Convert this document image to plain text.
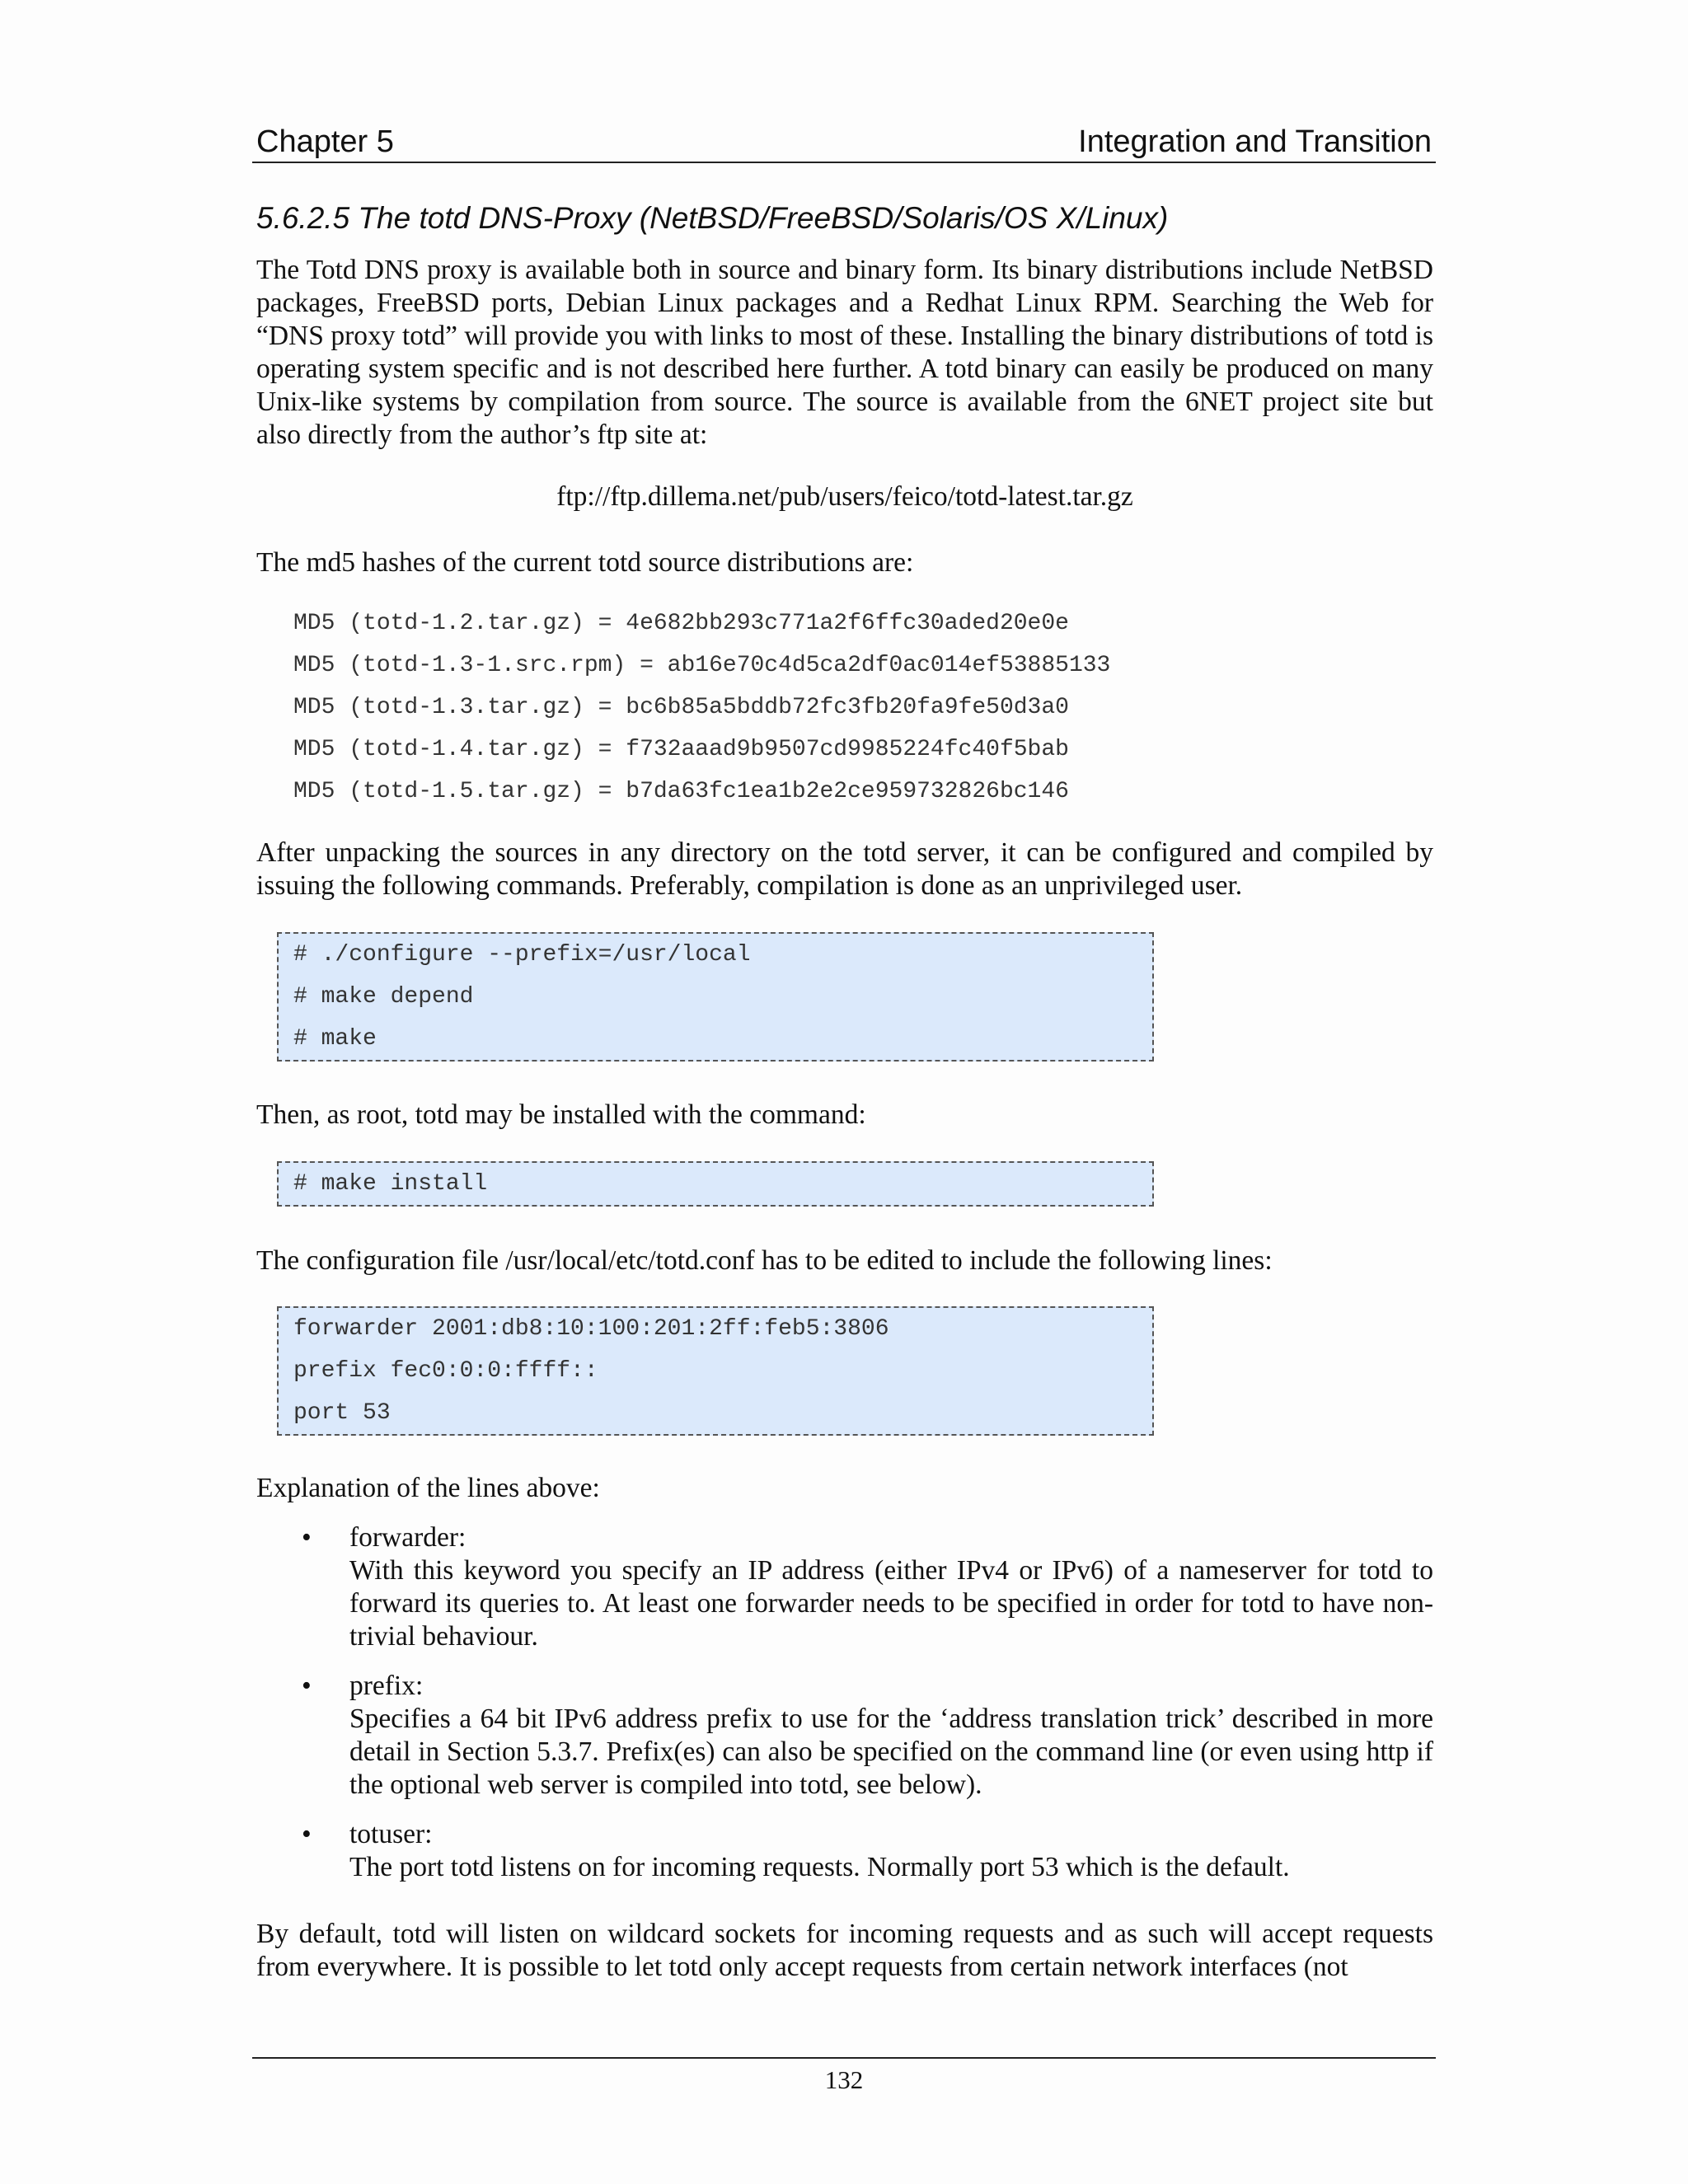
Chapter 5	Integration and Transition
5.6.2.5 The totd DNS-Proxy (NetBSD/FreeBSD/Solaris/OS X/Linux)

The Totd DNS proxy is available both in source and binary form. Its binary distributions include NetBSD packages, FreeBSD ports, Debian Linux packages and a Redhat Linux RPM. Searching the Web for “DNS proxy totd” will provide you with links to most of these. Installing the binary distributions of totd is operating system specific and is not described here further. A totd binary can easily be produced on many Unix-like systems by compilation from source. The source is available from the 6NET project site but also directly from the author’s ftp site at:

ftp://ftp.dillema.net/pub/users/feico/totd-latest.tar.gz

The md5 hashes of the current totd source distributions are:

MD5 (totd-1.2.tar.gz) = 4e682bb293c771a2f6ffc30aded20e0e
MD5 (totd-1.3-1.src.rpm) = ab16e70c4d5ca2df0ac014ef53885133
MD5 (totd-1.3.tar.gz) = bc6b85a5bddb72fc3fb20fa9fe50d3a0
MD5 (totd-1.4.tar.gz) = f732aaad9b9507cd9985224fc40f5bab
MD5 (totd-1.5.tar.gz) = b7da63fc1ea1b2e2ce959732826bc146

After unpacking the sources in any directory on the totd server, it can be configured and compiled by issuing the following commands. Preferably, compilation is done as an unprivileged user.

# ./configure --prefix=/usr/local
# make depend
# make

Then, as root, totd may be installed with the command:

# make install

The configuration file /usr/local/etc/totd.conf has to be edited to include the following lines:

forwarder 2001:db8:10:100:201:2ff:feb5:3806
prefix fec0:0:0:ffff::
port 53

Explanation of the lines above:

• forwarder:
With this keyword you specify an IP address (either IPv4 or IPv6) of a nameserver for totd to forward its queries to. At least one forwarder needs to be specified in order for totd to have non-trivial behaviour.
• prefix:
Specifies a 64 bit IPv6 address prefix to use for the ‘address translation trick’ described in more detail in Section 5.3.7. Prefix(es) can also be specified on the command line (or even using http if the optional web server is compiled into totd, see below).
• totuser:
The port totd listens on for incoming requests. Normally port 53 which is the default.

By default, totd will listen on wildcard sockets for incoming requests and as such will accept requests from everywhere. It is possible to let totd only accept requests from certain network interfaces (not

132
